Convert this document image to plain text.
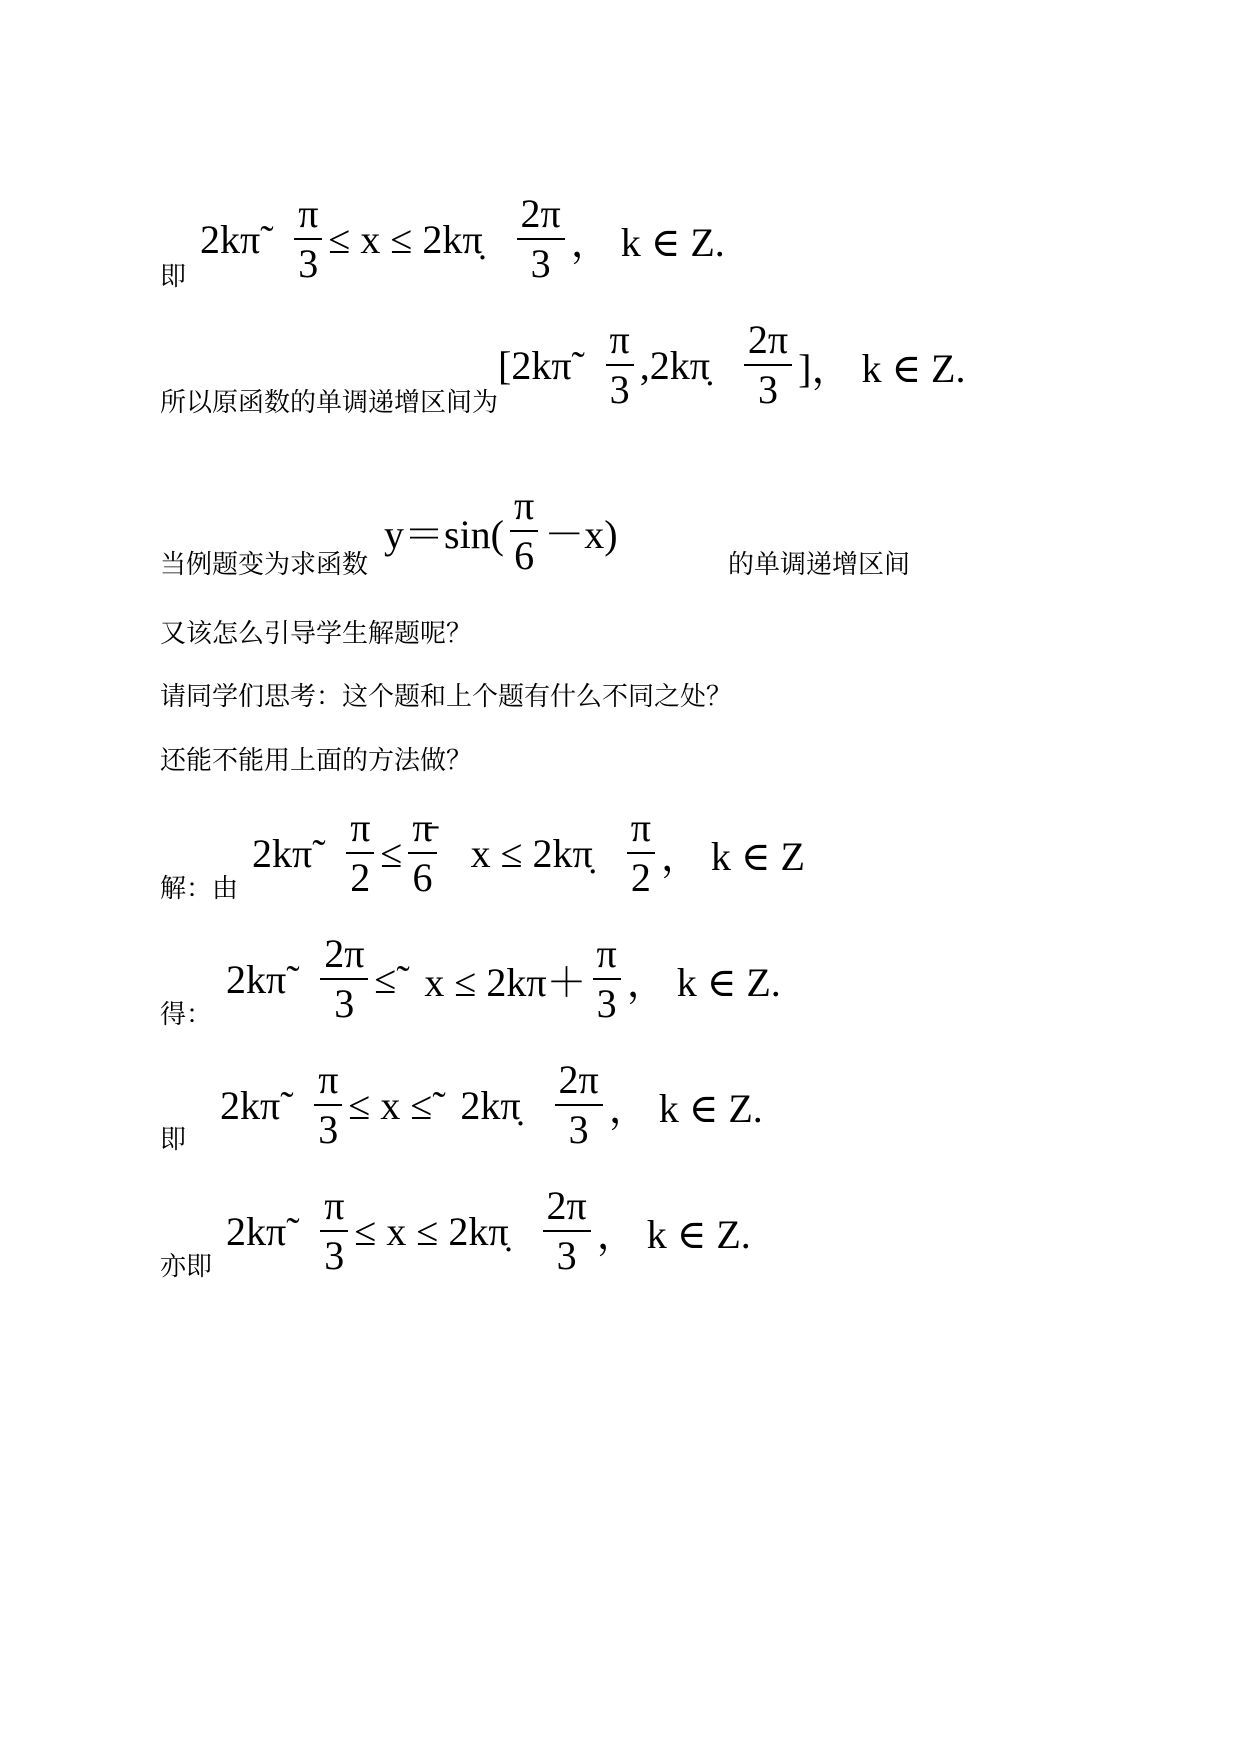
即
2kπ̃ $\frac{\pi}{3} \le x$ ≤ 2kπ̣ $\frac{2\pi}{3}$ ， k ∈ Z.
所以原函数的单调递增区间为
[2kπ̃ $\frac{\pi}{3}$ ,2kπ̣ $\frac{2\pi}{3}$ ]， k ∈ Z.
当例题变为求函数
$y=\sin( \frac{\pi}{6} -x)$
的单调递增区间
又该怎么引导学生解题呢？
请同学们思考：这个题和上个题有什么不同之处？
还能不能用上面的方法做？
解：由
2kπ̃ $\frac{\pi}{2} \le \frac{\pi̵}{6}$ x ≤ 2kπ̣ $\frac{\pi}{2}$ ， k ∈ Z
得：
2kπ̃ $\frac{2\pi}{3}$ ≤̃ $x \le 2k\pi+ \frac{\pi}{3}$ ， k ∈ Z.
即
2kπ̃ $\frac{\pi}{3} \le x$ ≤̃ 2kπ̣ $\frac{2\pi}{3}$ ， k ∈ Z.
亦即
2kπ̃ $\frac{\pi}{3} \le x$ ≤ 2kπ̣ $\frac{2\pi}{3}$ ， k ∈ Z.
